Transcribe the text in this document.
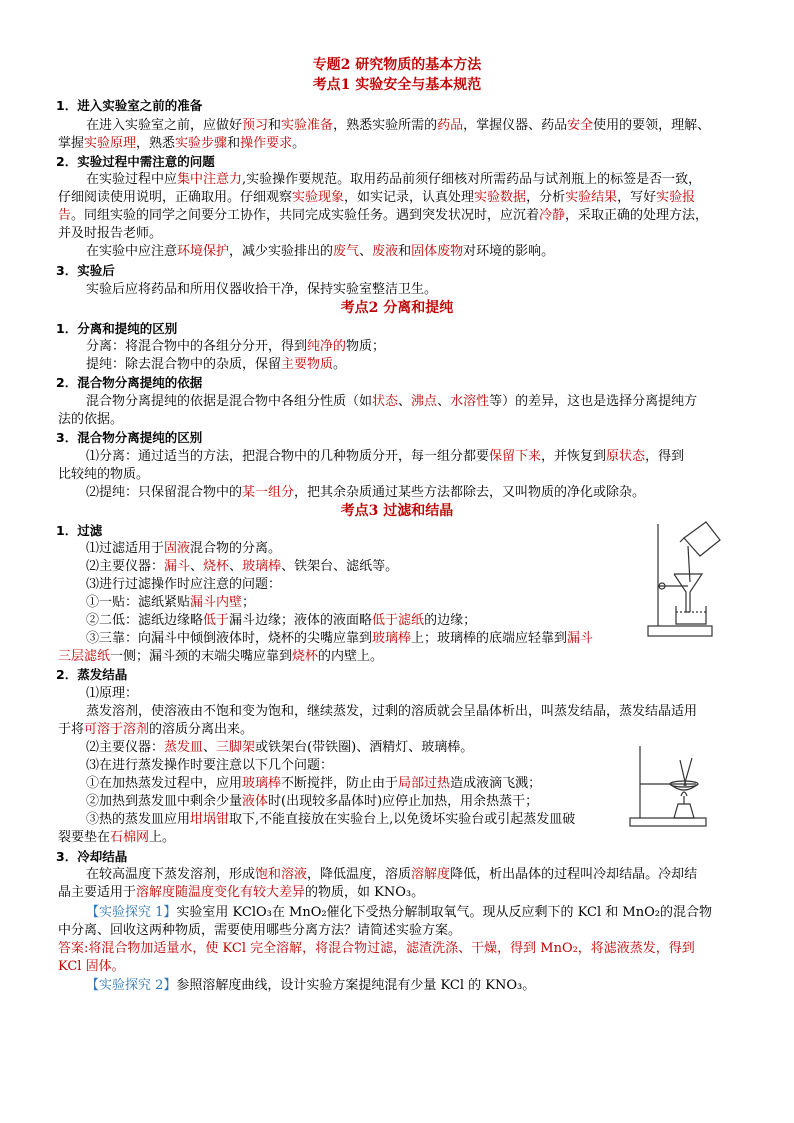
专题2 研究物质的基本方法
考点1 实验安全与基本规范
1．进入实验室之前的准备
在进入实验室之前，应做好预习和实验准备，熟悉实验所需的药品，掌握仪器、药品安全使用的要领，理解、
掌握实验原理，熟悉实验步骤和操作要求。
2．实验过程中需注意的问题
在实验过程中应集中注意力,实验操作要规范。取用药品前须仔细核对所需药品与试剂瓶上的标签是否一致，
仔细阅读使用说明，正确取用。仔细观察实验现象，如实记录，认真处理实验数据，分析实验结果，写好实验报
告。同组实验的同学之间要分工协作，共同完成实验任务。遇到突发状况时，应沉着冷静，采取正确的处理方法，
并及时报告老师。
在实验中应注意环境保护，减少实验排出的废气、废液和固体废物对环境的影响。
3．实验后
实验后应将药品和所用仪器收拾干净，保持实验室整洁卫生。
考点2 分离和提纯
1．分离和提纯的区别
分离：将混合物中的各组分分开，得到纯净的物质；
提纯：除去混合物中的杂质，保留主要物质。
2．混合物分离提纯的依据
混合物分离提纯的依据是混合物中各组分性质（如状态、沸点、水溶性等）的差异，这也是选择分离提纯方
法的依据。
3．混合物分离提纯的区别
⑴分离：通过适当的方法，把混合物中的几种物质分开，每一组分都要保留下来，并恢复到原状态，得到
比较纯的物质。
⑵提纯：只保留混合物中的某一组分，把其余杂质通过某些方法都除去，又叫物质的净化或除杂。
考点3 过滤和结晶
1．过滤
⑴过滤适用于固液混合物的分离。
⑵主要仪器：漏斗、烧杯、玻璃棒、铁架台、滤纸等。
⑶进行过滤操作时应注意的问题：
①一贴：滤纸紧贴漏斗内壁；
②二低：滤纸边缘略低于漏斗边缘；液体的液面略低于滤纸的边缘；
③三靠：向漏斗中倾倒液体时，烧杯的尖嘴应靠到玻璃棒上；玻璃棒的底端应轻靠到漏斗
三层滤纸一侧；漏斗颈的末端尖嘴应靠到烧杯的内壁上。
2．蒸发结晶
⑴原理：
蒸发溶剂，使溶液由不饱和变为饱和，继续蒸发，过剩的溶质就会呈晶体析出，叫蒸发结晶，蒸发结晶适用
于将可溶于溶剂的溶质分离出来。
⑵主要仪器：蒸发皿、三脚架或铁架台(带铁圈)、酒精灯、玻璃棒。
⑶在进行蒸发操作时要注意以下几个问题：
①在加热蒸发过程中，应用玻璃棒不断搅拌，防止由于局部过热造成液滴飞溅；
②加热到蒸发皿中剩余少量液体时(出现较多晶体时)应停止加热，用余热蒸干；
③热的蒸发皿应用坩埚钳取下,不能直接放在实验台上,以免烫坏实验台或引起蒸发皿破
裂要垫在石棉网上。
3．冷却结晶
在较高温度下蒸发溶剂，形成饱和溶液，降低温度，溶质溶解度降低，析出晶体的过程叫冷却结晶。冷却结
晶主要适用于溶解度随温度变化有较大差异的物质，如 KNO₃。
【实验探究 1】实验室用 KClO₃在 MnO₂催化下受热分解制取氧气。现从反应剩下的 KCl 和 MnO₂的混合物
中分离、回收这两种物质，需要使用哪些分离方法？请简述实验方案。
答案:将混合物加适量水，使 KCl 完全溶解，将混合物过滤，滤渣洗涤、干燥，得到 MnO₂，将滤液蒸发，得到
KCl 固体。
【实验探究 2】参照溶解度曲线，设计实验方案提纯混有少量 KCl 的 KNO₃。
